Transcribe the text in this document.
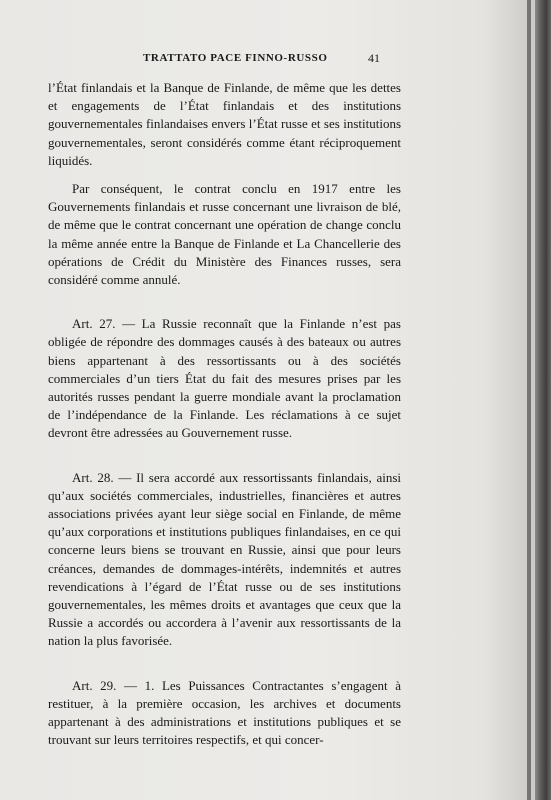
TRATTATO PACE FINNO-RUSSO	41

l’État finlandais et la Banque de Finlande, de même que les dettes et engagements de l’État finlandais et des institutions gouvernementales finlandaises envers l’État russe et ses institutions gouvernementales, seront considérés comme étant réciproquement liquidés.

Par conséquent, le contrat conclu en 1917 entre les Gouvernements finlandais et russe concernant une livraison de blé, de même que le contrat concernant une opération de change conclu la même année entre la Banque de Finlande et La Chancellerie des opérations de Crédit du Ministère des Finances russes, sera considéré comme annulé.

Art. 27. — La Russie reconnaît que la Finlande n’est pas obligée de répondre des dommages causés à des bateaux ou autres biens appartenant à des ressortissants ou à des sociétés commerciales d’un tiers État du fait des mesures prises par les autorités russes pendant la guerre mondiale avant la proclamation de l’indépendance de la Finlande. Les réclamations à ce sujet devront être adressées au Gouvernement russe.

Art. 28. — Il sera accordé aux ressortissants finlandais, ainsi qu’aux sociétés commerciales, industrielles, financières et autres associations privées ayant leur siège social en Finlande, de même qu’aux corporations et institutions publiques finlandaises, en ce qui concerne leurs biens se trouvant en Russie, ainsi que pour leurs créances, demandes de dommages-intérêts, indemnités et autres revendications à l’égard de l’État russe ou de ses institutions gouvernementales, les mêmes droits et avantages que ceux que la Russie a accordés ou accordera à l’avenir aux ressortissants de la nation la plus favorisée.

Art. 29. — 1. Les Puissances Contractantes s’engagent à restituer, à la première occasion, les archives et documents appartenant à des administrations et institutions publiques et se trouvant sur leurs territoires respectifs, et qui concer-
